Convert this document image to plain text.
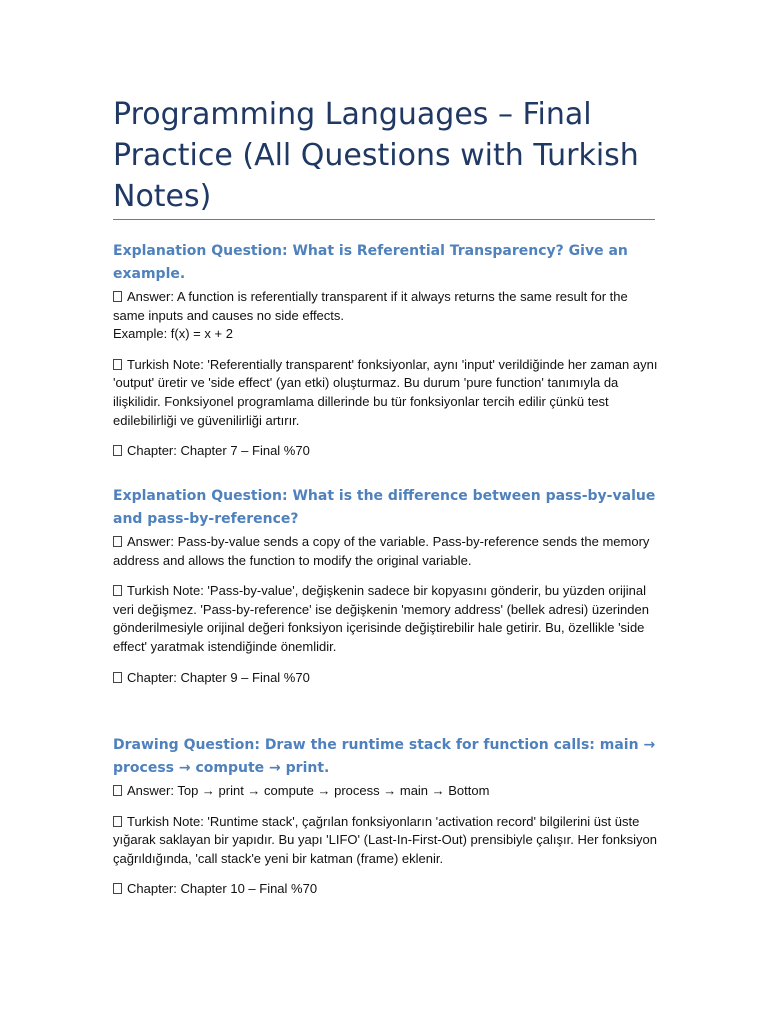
Programming Languages – Final Practice (All Questions with Turkish Notes)

Explanation Question: What is Referential Transparency? Give an example.

Answer: A function is referentially transparent if it always returns the same result for the same inputs and causes no side effects.
Example: f(x) = x + 2

Turkish Note: 'Referentially transparent' fonksiyonlar, aynı 'input' verildiğinde her zaman aynı 'output' üretir ve 'side effect' (yan etki) oluşturmaz. Bu durum 'pure function' tanımıyla da ilişkilidir. Fonksiyonel programlama dillerinde bu tür fonksiyonlar tercih edilir çünkü test edilebilirliği ve güvenilirliği artırır.

Chapter: Chapter 7 – Final %70

Explanation Question: What is the difference between pass-by-value and pass-by-reference?

Answer: Pass-by-value sends a copy of the variable. Pass-by-reference sends the memory address and allows the function to modify the original variable.

Turkish Note: 'Pass-by-value', değişkenin sadece bir kopyasını gönderir, bu yüzden orijinal veri değişmez. 'Pass-by-reference' ise değişkenin 'memory address' (bellek adresi) üzerinden gönderilmesiyle orijinal değeri fonksiyon içerisinde değiştirebilir hale getirir. Bu, özellikle 'side effect' yaratmak istendiğinde önemlidir.

Chapter: Chapter 9 – Final %70

Drawing Question: Draw the runtime stack for function calls: main → process → compute → print.

Answer: Top → print → compute → process → main → Bottom

Turkish Note: 'Runtime stack', çağrılan fonksiyonların 'activation record' bilgilerini üst üste yığarak saklayan bir yapıdır. Bu yapı 'LIFO' (Last-In-First-Out) prensibiyle çalışır. Her fonksiyon çağrıldığında, 'call stack'e yeni bir katman (frame) eklenir.

Chapter: Chapter 10 – Final %70
